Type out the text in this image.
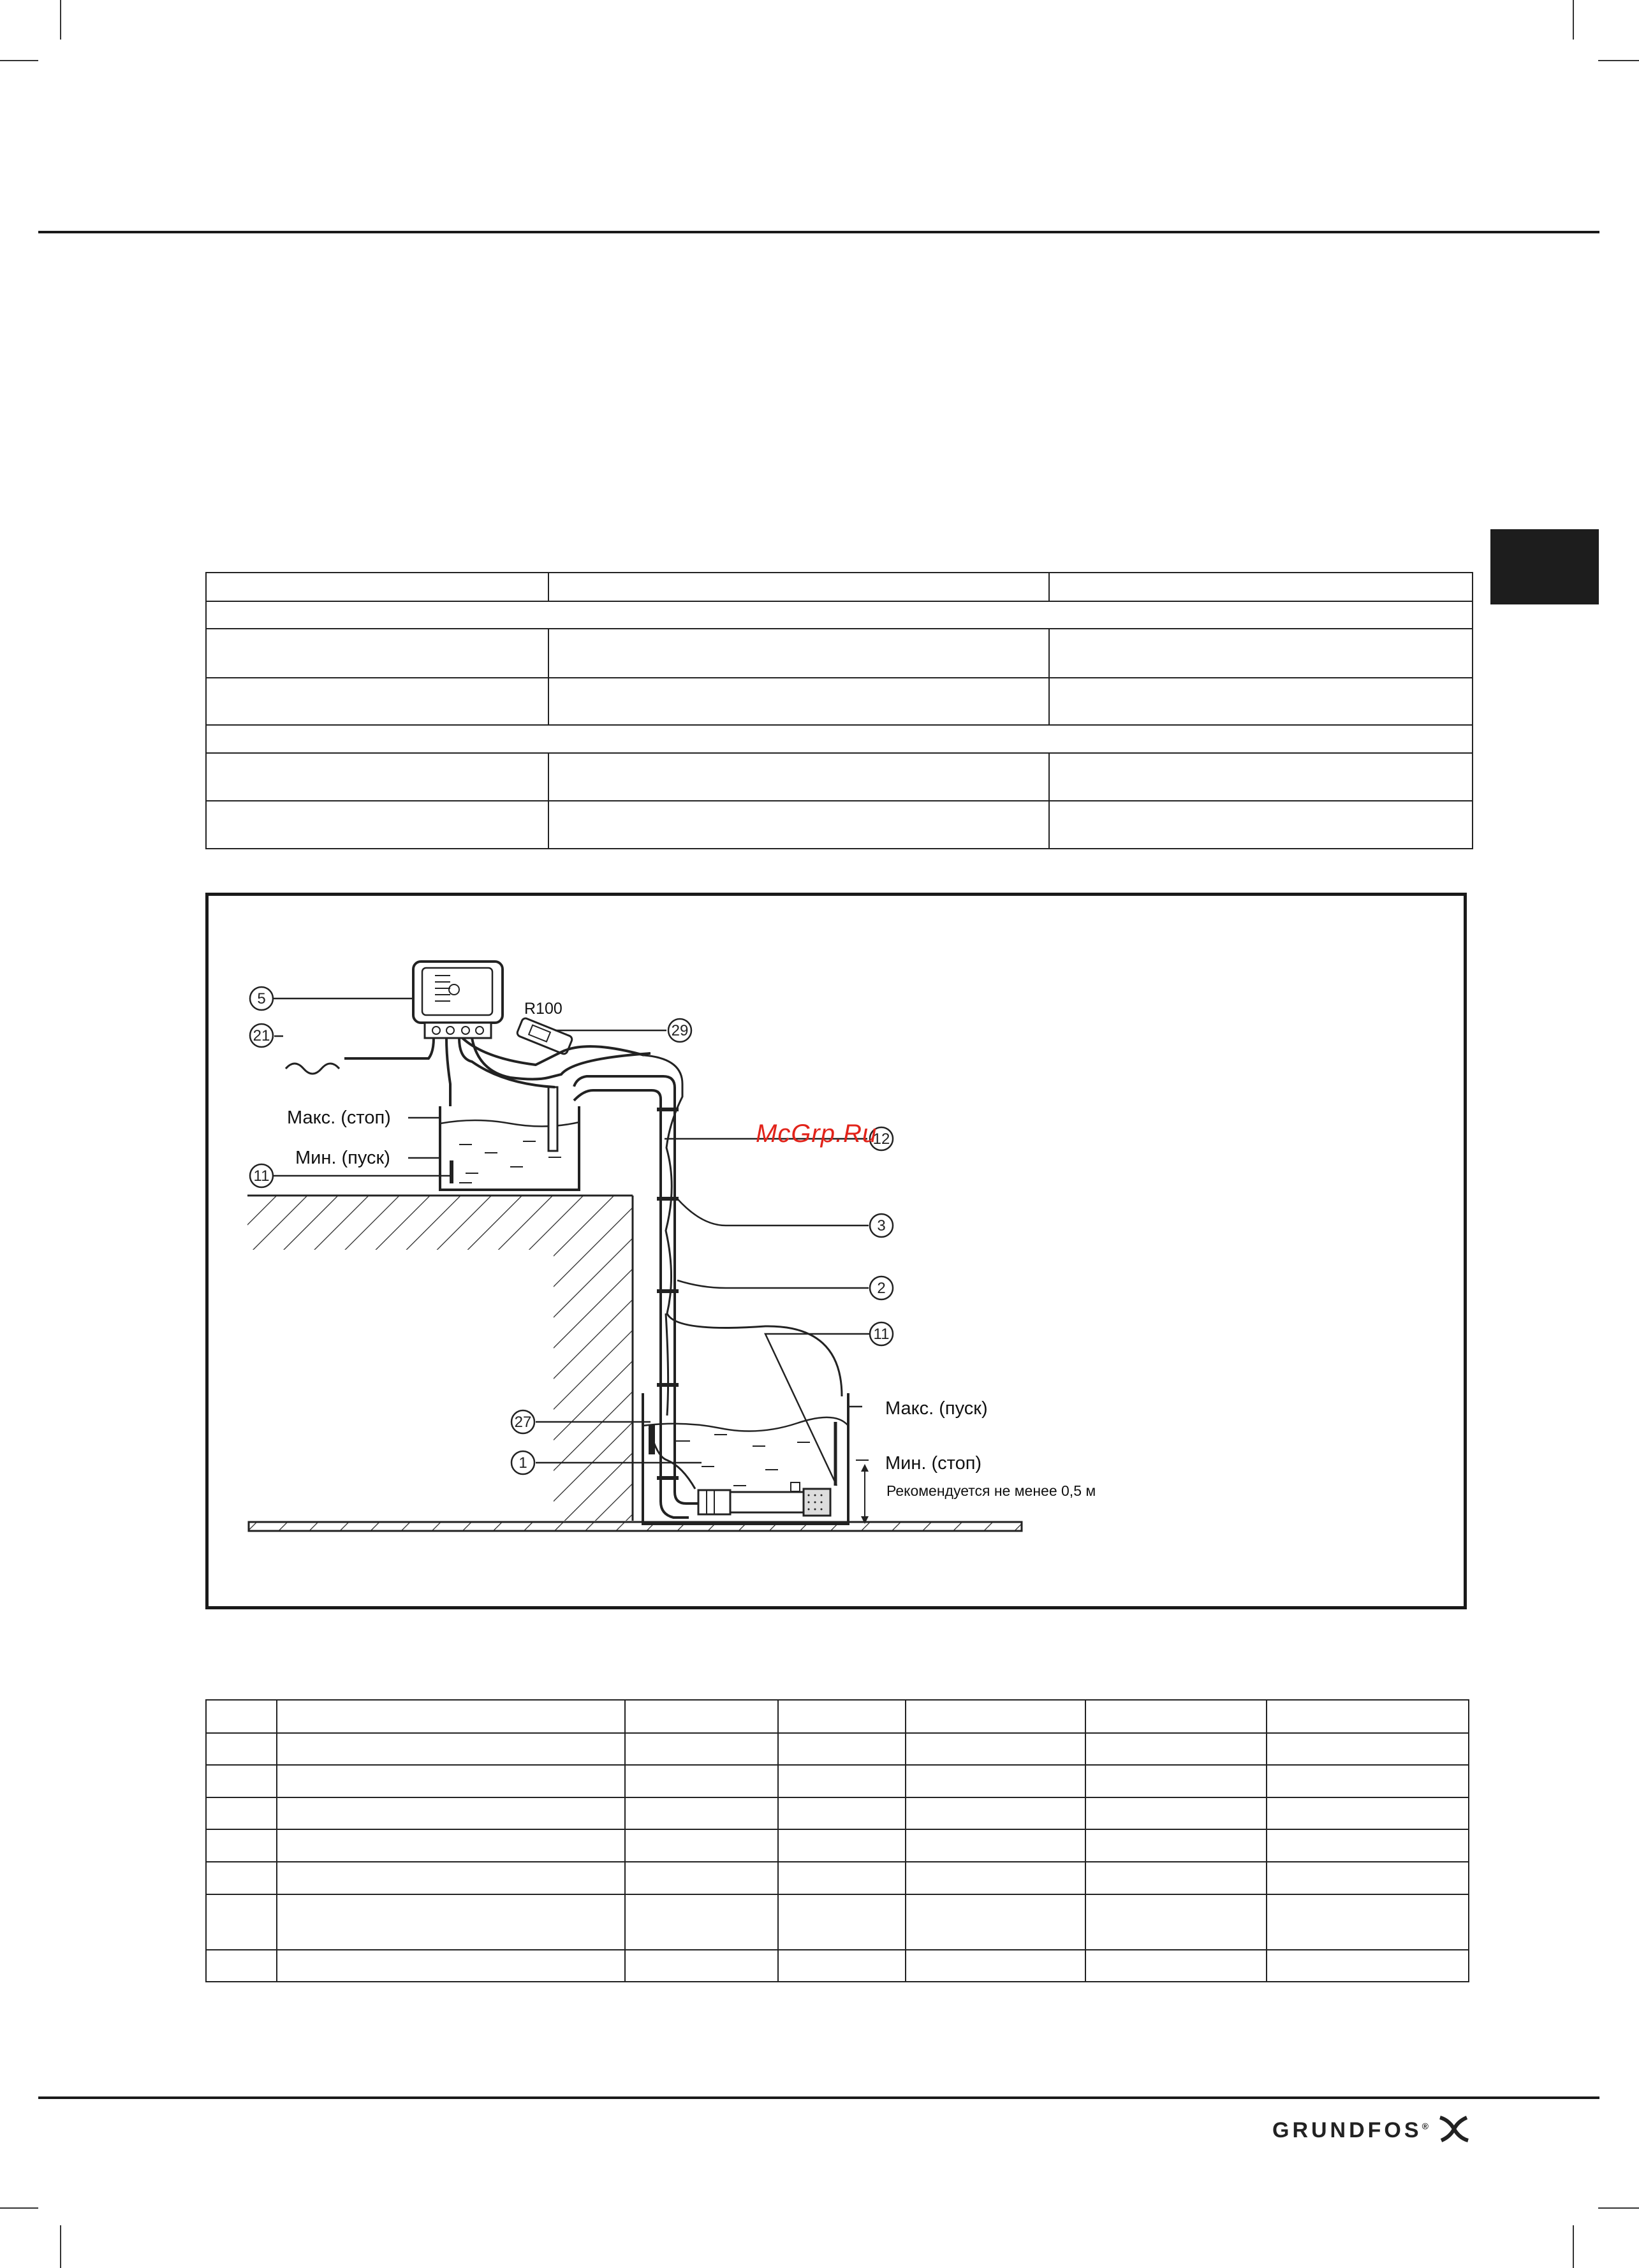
5
21
11
29
12
3
2
11
27
1
Макс. (стоп)
Мин. (пуск)
Макс. (пуск)
Мин. (стоп)
Рекомендуется не менее 0,5 м
R100
McGrp.Ru

GRUNDFOS®
